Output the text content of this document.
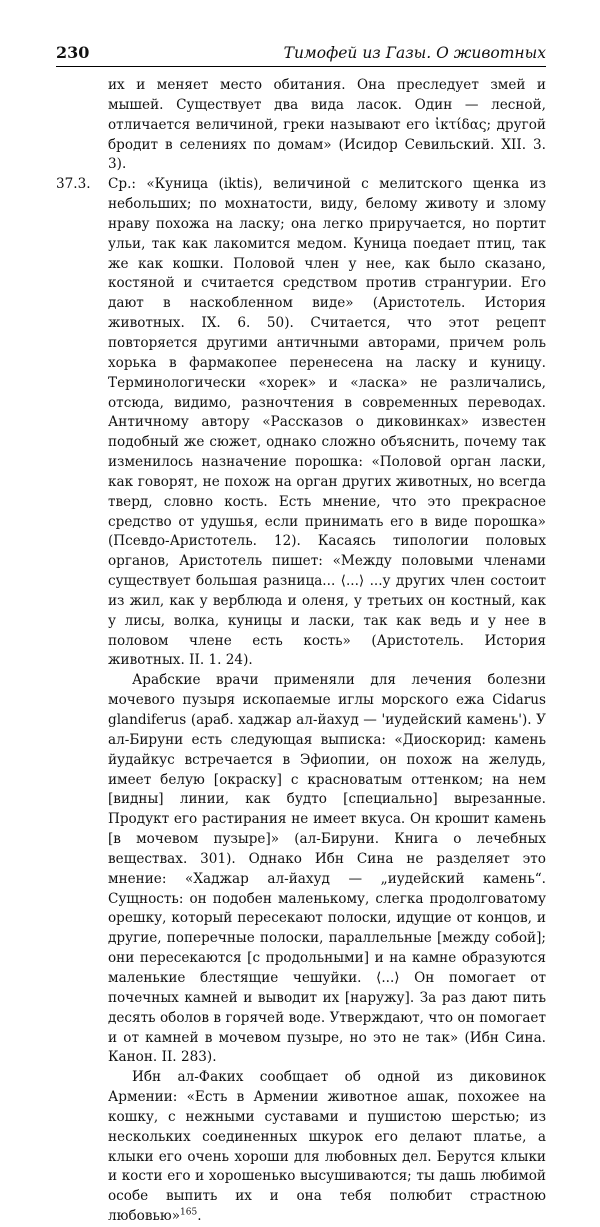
230	Тимофей из Газы. О животных

их и меняет место обитания. Она преследует змей и мышей. Существует два вида ласок. Один — лесной, отличается величиной, греки называют его ἰκτίδας; другой бродит в селениях по домам» (Исидор Севильский. XII. 3. 3).

37.3. Ср.: «Куница (iktis), величиной с мелитского щенка из небольших; по мохнатости, виду, белому животу и злому нраву похожа на ласку; она легко приручается, но портит ульи, так как лакомится медом. Куница поедает птиц, так же как кошки. Половой член у нее, как было сказано, костяной и считается средством против странгурии. Его дают в наскобленном виде» (Аристотель. История животных. IX. 6. 50). Считается, что этот рецепт повторяется другими античными авторами, причем роль хорька в фармакопее перенесена на ласку и куницу. Терминологически «хорек» и «ласка» не различались, отсюда, видимо, разночтения в современных переводах. Античному автору «Рассказов о диковинках» известен подобный же сюжет, однако сложно объяснить, почему так изменилось назначение порошка: «Половой орган ласки, как говорят, не похож на орган других животных, но всегда тверд, словно кость. Есть мнение, что это прекрасное средство от удушья, если принимать его в виде порошка» (Псевдо-Аристотель. 12). Касаясь типологии половых органов, Аристотель пишет: «Между половыми членами существует большая разница... ⟨...⟩ ...у других член состоит из жил, как у верблюда и оленя, у третьих он костный, как у лисы, волка, куницы и ласки, так как ведь и у нее в половом члене есть кость» (Аристотель. История животных. II. 1. 24).

Арабские врачи применяли для лечения болезни мочевого пузыря ископаемые иглы морского ежа Cidarus glandiferus (араб. хаджар ал-йахуд — 'иудейский камень'). У ал-Бируни есть следующая выписка: «Диоскорид: камень йудайкус встречается в Эфиопии, он похож на желудь, имеет белую [окраску] с красноватым оттенком; на нем [видны] линии, как будто [специально] вырезанные. Продукт его растирания не имеет вкуса. Он крошит камень [в мочевом пузыре]» (ал-Бируни. Книга о лечебных веществах. 301). Однако Ибн Сина не разделяет это мнение: «Хаджар ал-йахуд — „иудейский камень“. Сущность: он подобен маленькому, слегка продолговатому орешку, который пересекают полоски, идущие от концов, и другие, поперечные полоски, параллельные [между собой]; они пересекаются [с продольными] и на камне образуются маленькие блестящие чешуйки. ⟨...⟩ Он помогает от почечных камней и выводит их [наружу]. За раз дают пить десять оболов в горячей воде. Утверждают, что он помогает и от камней в мочевом пузыре, но это не так» (Ибн Сина. Канон. II. 283).

Ибн ал-Факих сообщает об одной из диковинок Армении: «Есть в Армении животное ашак, похожее на кошку, с нежными суставами и пушистою шерстью; из нескольких соединенных шкурок его делают платье, а клыки его очень хороши для любовных дел. Берутся клыки и кости его и хорошенько высушиваются; ты дашь любимой особе выпить их и она тебя полюбит страстною любовью»$^{165}$.
